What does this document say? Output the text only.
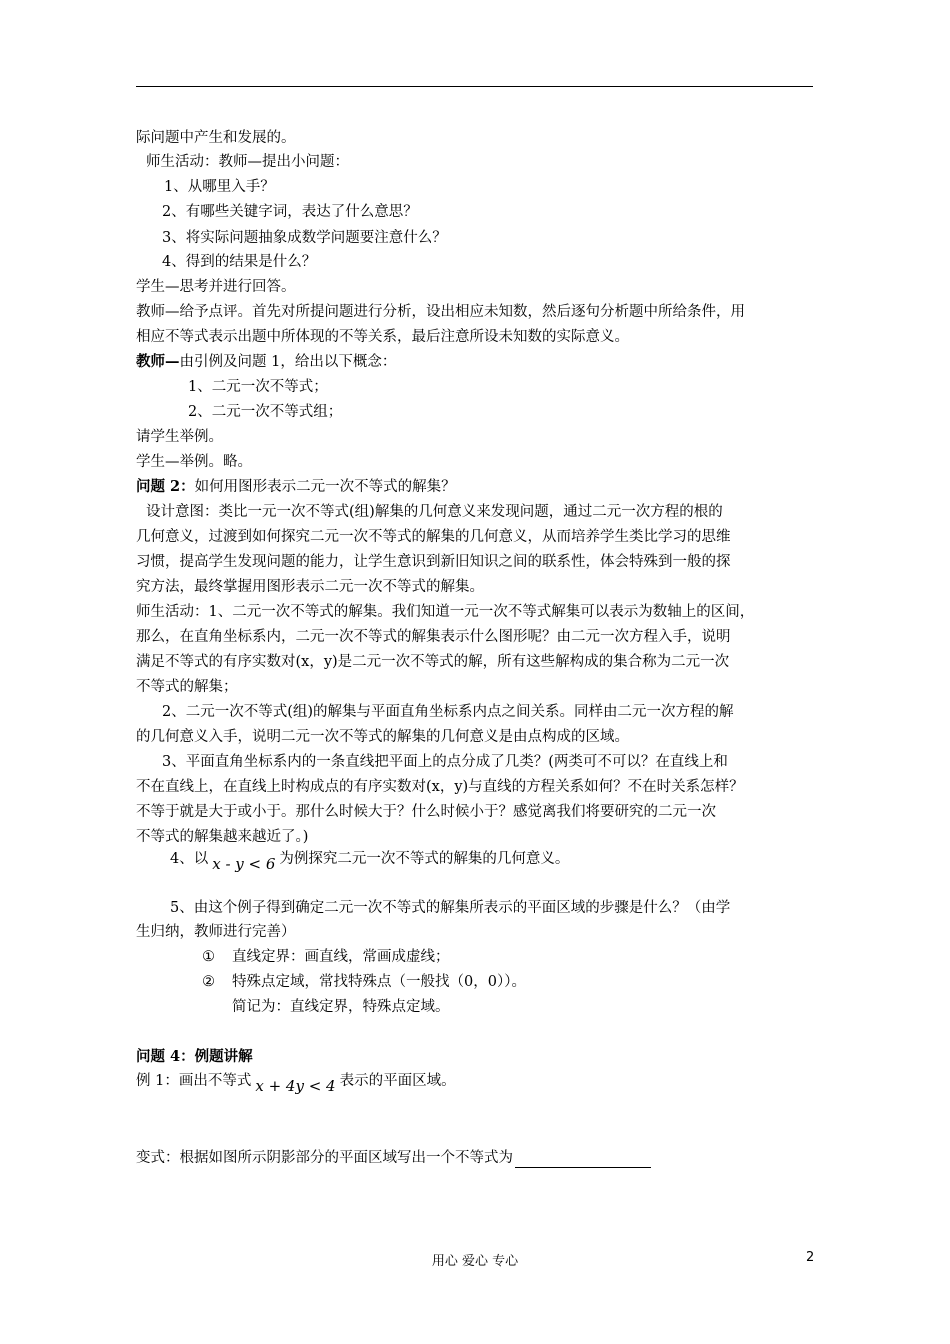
际问题中产生和发展的。
师生活动：教师—提出小问题：
1、从哪里入手？
2、有哪些关键字词，表达了什么意思？
3、将实际问题抽象成数学问题要注意什么？
4、得到的结果是什么？
学生—思考并进行回答。
教师—给予点评。首先对所提问题进行分析，设出相应未知数，然后逐句分析题中所给条件，用
相应不等式表示出题中所体现的不等关系，最后注意所设未知数的实际意义。
教师—由引例及问题 1，给出以下概念：
1、二元一次不等式；
2、二元一次不等式组；
请学生举例。
学生—举例。略。
问题 2：如何用图形表示二元一次不等式的解集？
设计意图：类比一元一次不等式(组)解集的几何意义来发现问题，通过二元一次方程的根的
几何意义，过渡到如何探究二元一次不等式的解集的几何意义，从而培养学生类比学习的思维
习惯，提高学生发现问题的能力，让学生意识到新旧知识之间的联系性，体会特殊到一般的探
究方法，最终掌握用图形表示二元一次不等式的解集。
师生活动：1、二元一次不等式的解集。我们知道一元一次不等式解集可以表示为数轴上的区间，
那么，在直角坐标系内，二元一次不等式的解集表示什么图形呢？由二元一次方程入手，说明
满足不等式的有序实数对(x，y)是二元一次不等式的解，所有这些解构成的集合称为二元一次
不等式的解集；
2、二元一次不等式(组)的解集与平面直角坐标系内点之间关系。同样由二元一次方程的解
的几何意义入手，说明二元一次不等式的解集的几何意义是由点构成的区域。
3、平面直角坐标系内的一条直线把平面上的点分成了几类？(两类可不可以？在直线上和
不在直线上，在直线上时构成点的有序实数对(x，y)与直线的方程关系如何？不在时关系怎样？
不等于就是大于或小于。那什么时候大于？什么时候小于？感觉离我们将要研究的二元一次
不等式的解集越来越近了。)
4、以 x - y < 6 为例探究二元一次不等式的解集的几何意义。
5、由这个例子得到确定二元一次不等式的解集所表示的平面区域的步骤是什么？（由学
生归纳，教师进行完善）
① 直线定界：画直线，常画成虚线；
② 特殊点定域，常找特殊点（一般找（0，0））。
简记为：直线定界，特殊点定域。
问题 4：例题讲解
例 1：画出不等式 x + 4y < 4 表示的平面区域。
变式：根据如图所示阴影部分的平面区域写出一个不等式为
用心 爱心 专心	2
